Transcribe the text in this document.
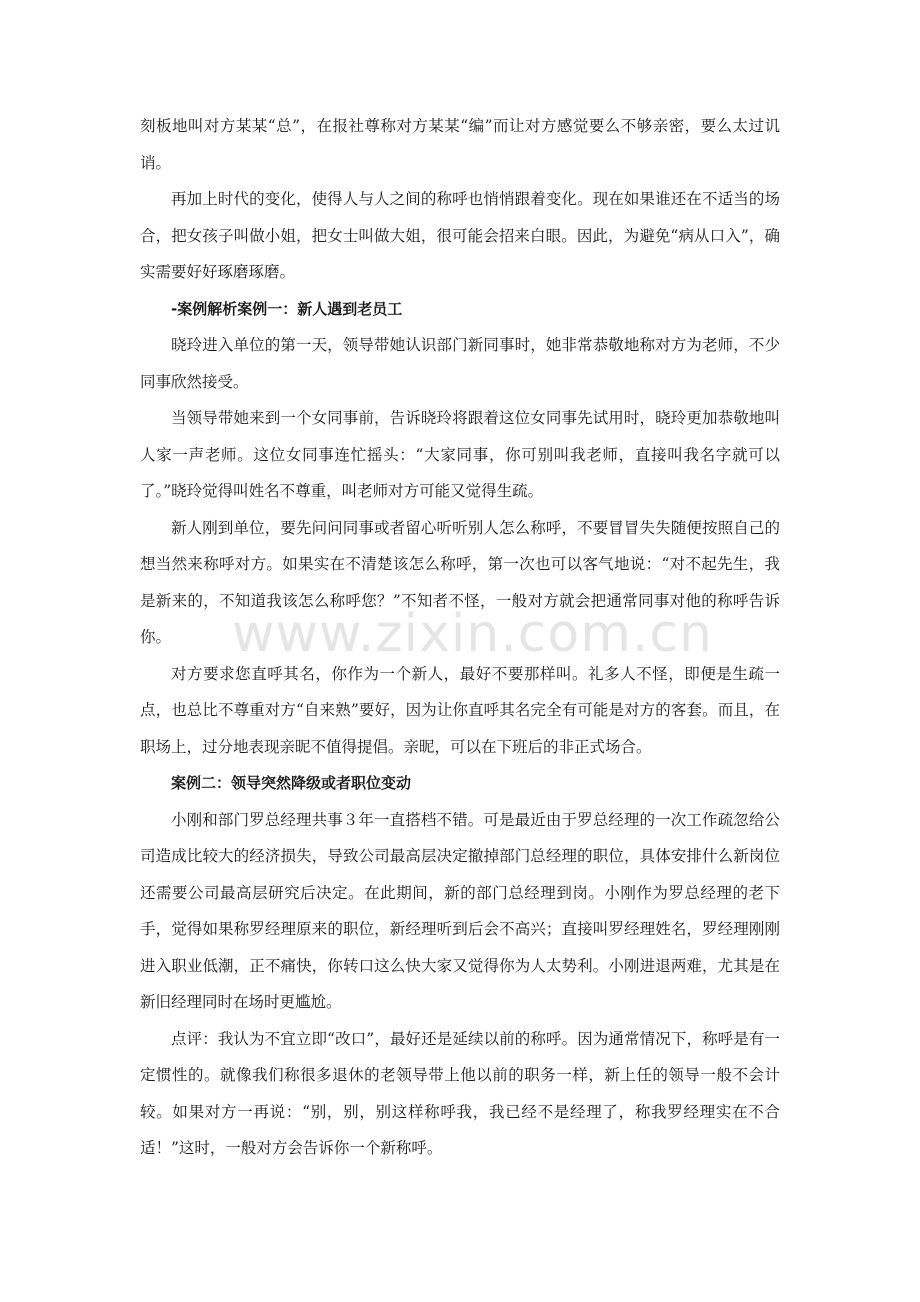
刻板地叫对方某某“总”，在报社尊称对方某某“编”而让对方感觉要么不够亲密，要么太过讥诮。

再加上时代的变化，使得人与人之间的称呼也悄悄跟着变化。现在如果谁还在不适当的场合，把女孩子叫做小姐，把女士叫做大姐，很可能会招来白眼。因此，为避免“病从口入”，确实需要好好琢磨琢磨。

-案例解析案例一：新人遇到老员工

晓玲进入单位的第一天，领导带她认识部门新同事时，她非常恭敬地称对方为老师，不少同事欣然接受。

当领导带她来到一个女同事前，告诉晓玲将跟着这位女同事先试用时，晓玲更加恭敬地叫人家一声老师。这位女同事连忙摇头：“大家同事，你可别叫我老师，直接叫我名字就可以了。”晓玲觉得叫姓名不尊重，叫老师对方可能又觉得生疏。

新人刚到单位，要先问问同事或者留心听听别人怎么称呼，不要冒冒失失随便按照自己的想当然来称呼对方。如果实在不清楚该怎么称呼，第一次也可以客气地说：“对不起先生，我是新来的，不知道我该怎么称呼您？”不知者不怪，一般对方就会把通常同事对他的称呼告诉你。

对方要求您直呼其名，你作为一个新人，最好不要那样叫。礼多人不怪，即便是生疏一点，也总比不尊重对方“自来熟”要好，因为让你直呼其名完全有可能是对方的客套。而且，在职场上，过分地表现亲昵不值得提倡。亲昵，可以在下班后的非正式场合。

案例二：领导突然降级或者职位变动

小刚和部门罗总经理共事３年一直搭档不错。可是最近由于罗总经理的一次工作疏忽给公司造成比较大的经济损失，导致公司最高层决定撤掉部门总经理的职位，具体安排什么新岗位还需要公司最高层研究后决定。在此期间，新的部门总经理到岗。小刚作为罗总经理的老下手，觉得如果称罗经理原来的职位，新经理听到后会不高兴；直接叫罗经理姓名，罗经理刚刚进入职业低潮，正不痛快，你转口这么快大家又觉得你为人太势利。小刚进退两难，尤其是在新旧经理同时在场时更尴尬。

点评：我认为不宜立即“改口”，最好还是延续以前的称呼。因为通常情况下，称呼是有一定惯性的。就像我们称很多退休的老领导带上他以前的职务一样，新上任的领导一般不会计较。如果对方一再说：“别，别，别这样称呼我，我已经不是经理了，称我罗经理实在不合适！”这时，一般对方会告诉你一个新称呼。

www.zixin.com.cn
